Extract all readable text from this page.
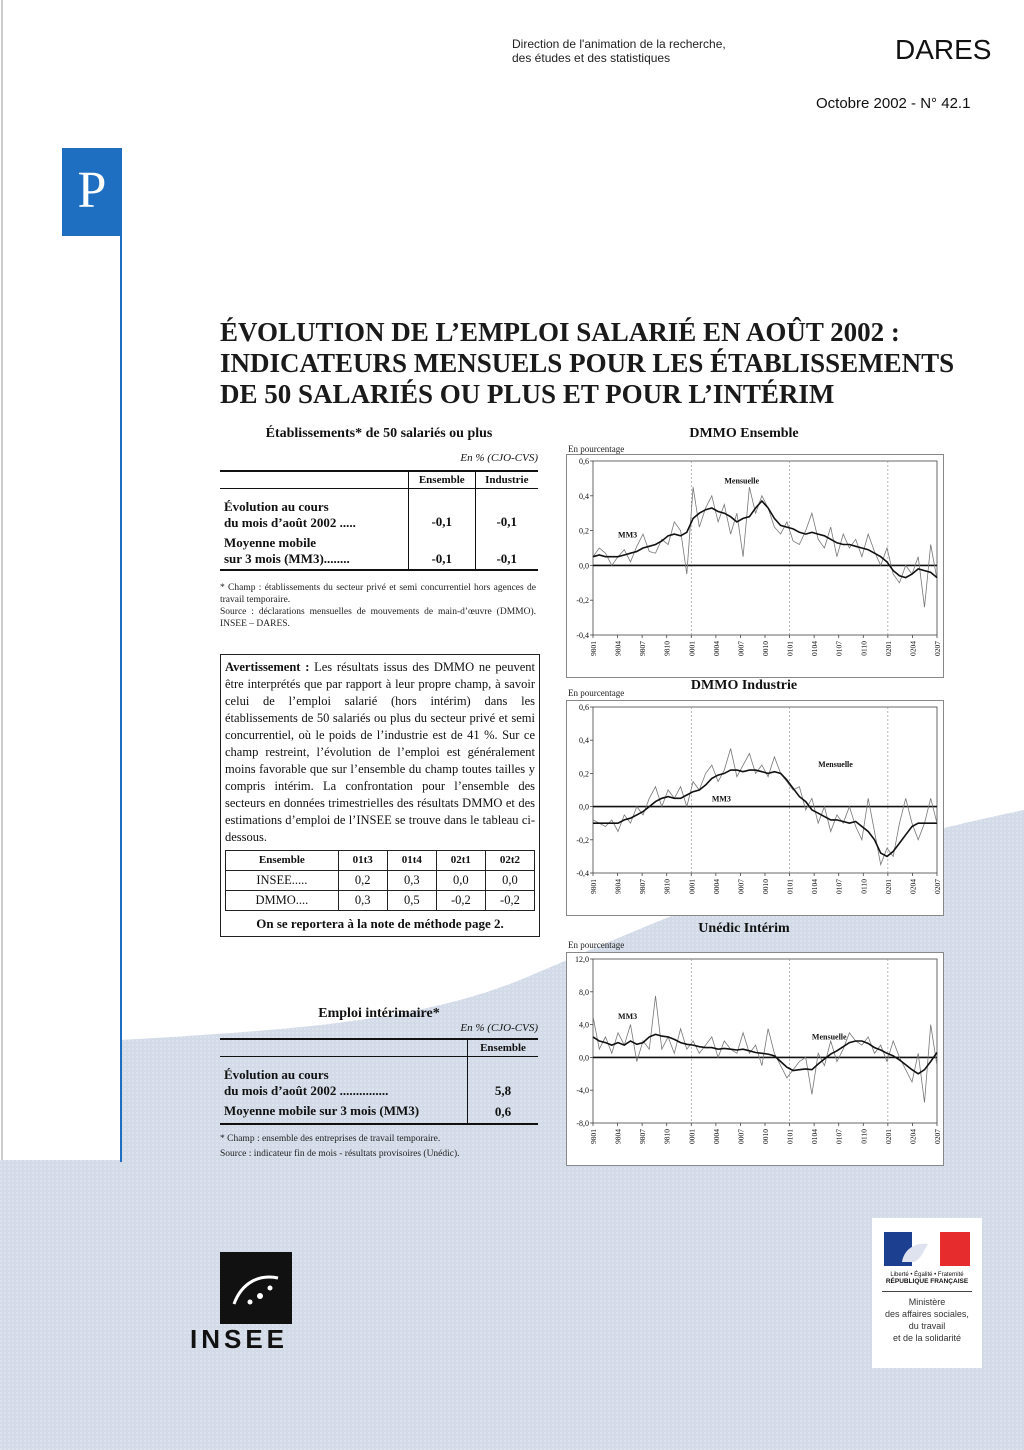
Direction de l'animation de la recherche,
des études et des statistiques	DARES
Octobre 2002 - N° 42.1
P
ÉVOLUTION DE L’EMPLOI SALARIÉ EN AOÛT 2002 :
INDICATEURS MENSUELS POUR LES ÉTABLISSEMENTS
DE 50 SALARIÉS OU PLUS ET POUR L’INTÉRIM
Établissements* de 50 salariés ou plus
En % (CJO-CVS)
	Ensemble	Industrie

Évolution au cours
du mois d’août 2002 .....	-0,1	-0,1

Moyenne mobile
sur 3 mois (MM3)........	-0,1	-0,1
* Champ : établissements du secteur privé et semi concurrentiel hors agences de travail temporaire.
Source : déclarations mensuelles de mouvements de main-d’œuvre (DMMO). INSEE – DARES.
Avertissement : Les résultats issus des DMMO ne peuvent être interprétés que par rapport à leur propre champ, à savoir celui de l’emploi salarié (hors intérim) dans les établissements de 50 salariés ou plus du secteur privé et semi concurrentiel, où le poids de l’industrie est de 41 %. Sur ce champ restreint, l’évolution de l’emploi est généralement moins favorable que sur l’ensemble du champ toutes tailles y compris intérim. La confrontation pour l’ensemble des secteurs en données trimestrielles des résultats DMMO et des estimations d’emploi de l’INSEE se trouve dans le tableau ci-dessous.
Ensemble	01t3	01t4	02t1	02t2
INSEE.....	0,2	0,3	0,0	0,0
DMMO....	0,3	0,5	-0,2	-0,2
On se reportera à la note de méthode page 2.
Emploi intérimaire*
En % (CJO-CVS)
	Ensemble

Évolution au cours
du mois d’août 2002 ...............	5,8
Moyenne mobile sur 3 mois (MM3)	0,6
* Champ : ensemble des entreprises de travail temporaire.
Source : indicateur fin de mois - résultats provisoires (Unédic).
DMMO Ensemble
En pourcentage
0,6
0,4
0,2
0,0
-0,2
-0,4
9801 9804 9807 9810 0001 0004 0007 0010 0101 0104 0107 0110 0201 0204 0207
Mensuelle
MM3
DMMO Industrie
En pourcentage
0,6
0,4
0,2
0,0
-0,2
-0,4
9801 9804 9807 9810 0001 0004 0007 0010 0101 0104 0107 0110 0201 0204 0207
Mensuelle
MM3
Unédic Intérim
En pourcentage
12,0
8,0
4,0
0,0
-4,0
-8,0
9801 9804 9807 9810 0001 0004 0007 0010 0101 0104 0107 0110 0201 0204 0207
Mensuelle
MM3
INSEE
Liberté • Égalité • Fraternité
RÉPUBLIQUE FRANÇAISE
Ministère
des affaires sociales,
du travail
et de la solidarité
